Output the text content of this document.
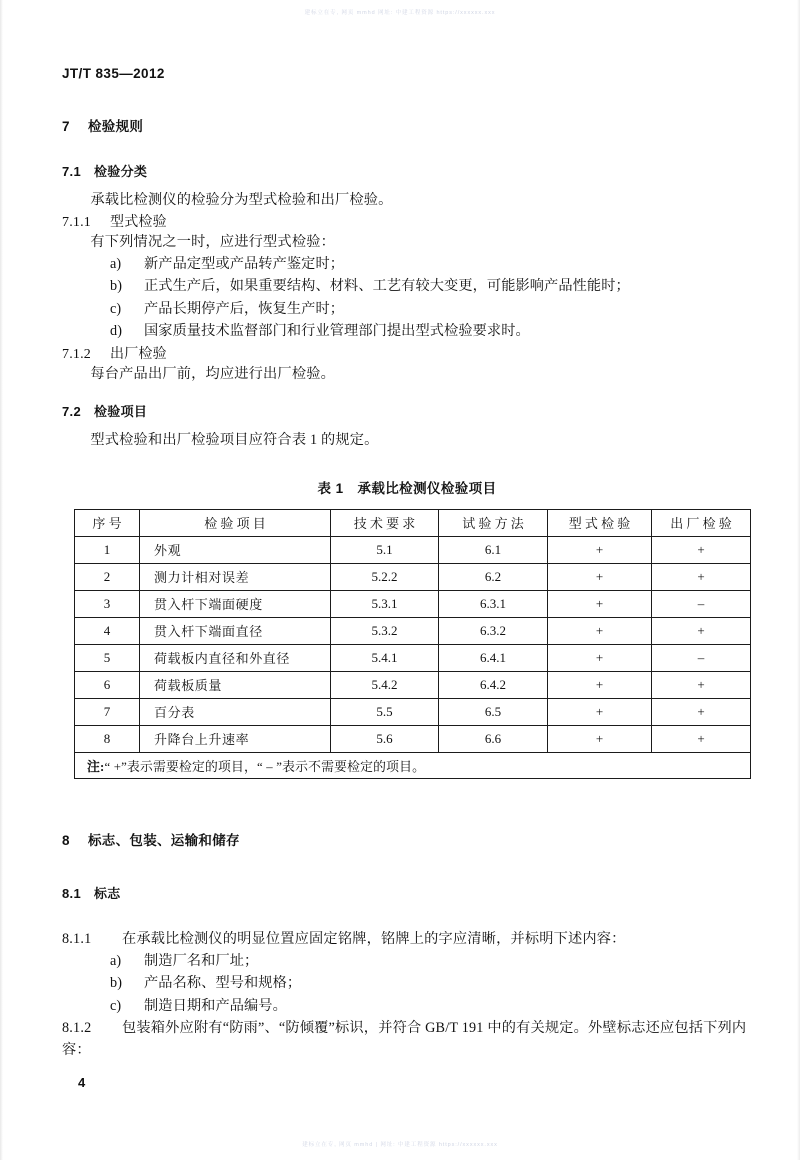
建标立在专, 网页 mmhd 网址: 中建工程资源 https://xxxxxx.xxx
JT/T 835—2012
7 检验规则
7.1 检验分类
承载比检测仪的检验分为型式检验和出厂检验。
7.1.1 型式检验
有下列情况之一时，应进行型式检验：
a)	新产品定型或产品转产鉴定时；
b)	正式生产后，如果重要结构、材料、工艺有较大变更，可能影响产品性能时；
c)	产品长期停产后，恢复生产时；
d)	国家质量技术监督部门和行业管理部门提出型式检验要求时。
7.1.2 出厂检验
每台产品出厂前，均应进行出厂检验。
7.2 检验项目
型式检验和出厂检验项目应符合表 1 的规定。
表 1 承载比检测仪检验项目
序号	检验项目	技术要求	试验方法	型式检验	出厂检验
1	外观	5.1	6.1	+	+
2	测力计相对误差	5.2.2	6.2	+	+
3	贯入杆下端面硬度	5.3.1	6.3.1	+	–
4	贯入杆下端面直径	5.3.2	6.3.2	+	+
5	荷载板内直径和外直径	5.4.1	6.4.1	+	–
6	荷载板质量	5.4.2	6.4.2	+	+
7	百分表	5.5	6.5	+	+
8	升降台上升速率	5.6	6.6	+	+
注:“ +”表示需要检定的项目，“ – ”表示不需要检定的项目。					
8 标志、包装、运输和储存
8.1 标志
8.1.1	在承载比检测仪的明显位置应固定铭牌，铭牌上的字应清晰，并标明下述内容：
a)	制造厂名和厂址；
b)	产品名称、型号和规格；
c)	制造日期和产品编号。
8.1.2 包装箱外应附有“防雨”、“防倾覆”标识，并符合 GB/T 191 中的有关规定。外壁标志还应包括下列内容：
4
建标立在专, 网页 mmhd | 网址: 中建工程资源 https://xxxxxx.xxx
